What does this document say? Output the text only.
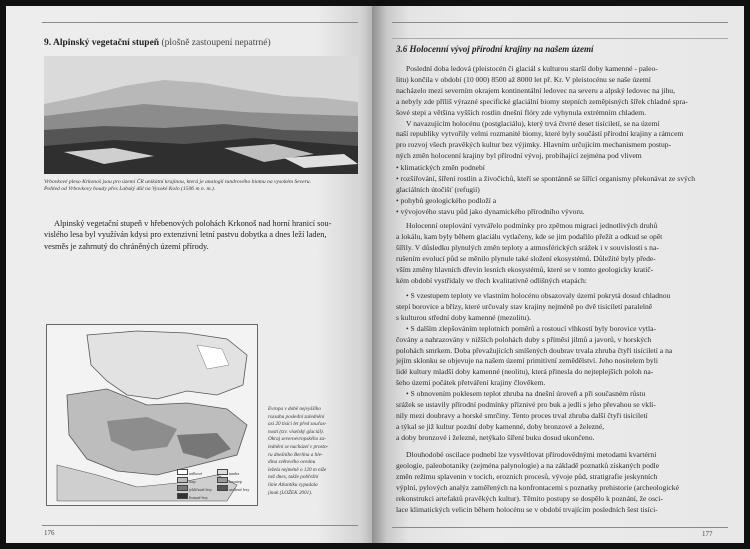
9. Alpinský vegetační stupeň (plošně zastoupení nepatrné)
Vrbovkové pleso Krkonoš jsou pro území ČR unikátní krajinou, která je analogií tundrového biomu na vysokém Severu.
Pohled od Vrbovkovy boudy přes Labský důl na Vysoké Kolo (1506 m n. m.).
Alpinský vegetační stupeň v hřebenových polohách Krkonoš nad horní hranicí sou-
vislého lesa byl využíván kdysi pro extenzivní letní pastvu dobytka a dnes leží laden,
vesměs je zahrnutý do chráněných území přírody.
sněhové	tundra
step	lesostep
jehličnaté lesy	smíšené lesy
listnaté lesy
Evropa v době nejvyššího
rozsahu poslední zalednění
asi 20 tisíci let před součas-
ností (tzv. viselský glaciál).
Okraj severoevropského za-
lednění se nacházel v prosto-
ru dnešního Berlína a hle-
dina světového oceánu
ležela nejméně o 120 m níže
než dnes, takže pobřežní
linie Atlantiku vypadala
jinak (LOŽEK 2001).
176
3.6 Holocenní vývoj přírodní krajiny na našem území
Poslední doba ledová (pleistocén či glaciál s kulturou starší doby kamenné - paleo-
litu) končila v období (10 000) 8500 až 8000 let př. Kr. V pleistocénu se naše území
nacházelo mezi severním okrajem kontinentální ledovec na severu a alpský ledovec na jihu,
a nebyly zde příliš výrazné specifické glaciální biomy stepních zeměpisných šířek chladné spra-
šové stepi a většina vyšších rostlin dnešní flóry zde vyhynula extrémním chladem.
V navazujícím holocénu (postglaciálu), který trvá čtvrté deset tisíciletí, se na území
naší republiky vytvořily velmi rozmanité biomy, které byly součástí přírodní krajiny a rámcem
pro rozvoj všech pravěkých kultur bez výjimky. Hlavním určujícím mechanismem postup-
ných změn holocenní krajiny byl přírodní vývoj, probíhající zejména pod vlivem
• klimatických změn podnebí
• rozšiřování, šíření rostlin a živočichů, kteří se spontánně se šířící organismy překonávat ze svých
glaciálních útočišť (refugií)
• pohybů geologického podloží a
• vývojového stavu půd jako dynamického přírodního vývoru.
Holocenní oteplování vytvářelo podmínky pro zpětnou migraci jednotlivých druhů
a lokálu, kam byly během glaciálu vytlačeny, kde se jim podařilo přežít a odkud se opět
šířily. V důsledku plynulých změn teploty a atmosférických srážek i v souvislosti s na-
rušením evolucí půd se měnilo plynule také složení ekosystémů. Důležité byly přede-
vším změny hlavních dřevin lesních ekosystémů, které se v tomto geologicky kratič-
kém období vystřídaly ve třech kvalitativně odlišných etapách:
• S vzestupem teploty ve vlastním holocénu obsazovaly území pokrytá dosud chladnou
stepí borovice a břízy, které určovaly stav krajiny nejméně po dvě tisíciletí paralelně
s kulturou střední doby kamenné (mezolitu).
• S dalším zlepšováním teplotních poměrů a rostoucí vlhkostí byly borovice vytla-
čovány a nahrazovány v nižších polohách duby s příměsí jilmů a javorů, v horských
polohách smrkem. Doba převažujících smíšených doubrav trvala zhruba čtyři tisíciletí a na
jejím sklonku se objevuje na našem území primitivní zemědělství. Jeho nositelem byli
lidé kultury mladší doby kamenné (neolitu), která přinesla do nejteplejších poloh na-
šeho území počátek přetváření krajiny člověkem.
• S obnovením poklesem teplot zhruba na dnešní úroveň a při současném růstu
srážek se ustavily přírodní podmínky příznivé pro buk a jedli s jeho převahou se vklí-
nily mezi doubravy a horské smrčiny. Tento proces trval zhruba další čtyři tisíciletí
a týkal se již kultur pozdní doby kamenné, doby bronzové a železné,
a doby bronzové i železné, netýkalo šíření buku dosud ukončeno.
Dlouhodobé oscilace podnebí lze vysvětlovat přírodovědnými metodami kvartérní
geologie, paleobotaniky (zejména palynologie) a na základě poznatků získaných podle
změn režimu splavenin v tocích, erozních procesů, vývoje půd, stratigrafie jeskynních
výplní, pylových analýz zaměřených na konfrontacemi s poznatky prehistorie (archeologické
rekonstrukci artefaktů pravěkých kultur). Těmito postupy se dospělo k poznání, že osci-
lace klimatických velicin během holocénu se v období trvajícím posledních šest tisíci-
177
